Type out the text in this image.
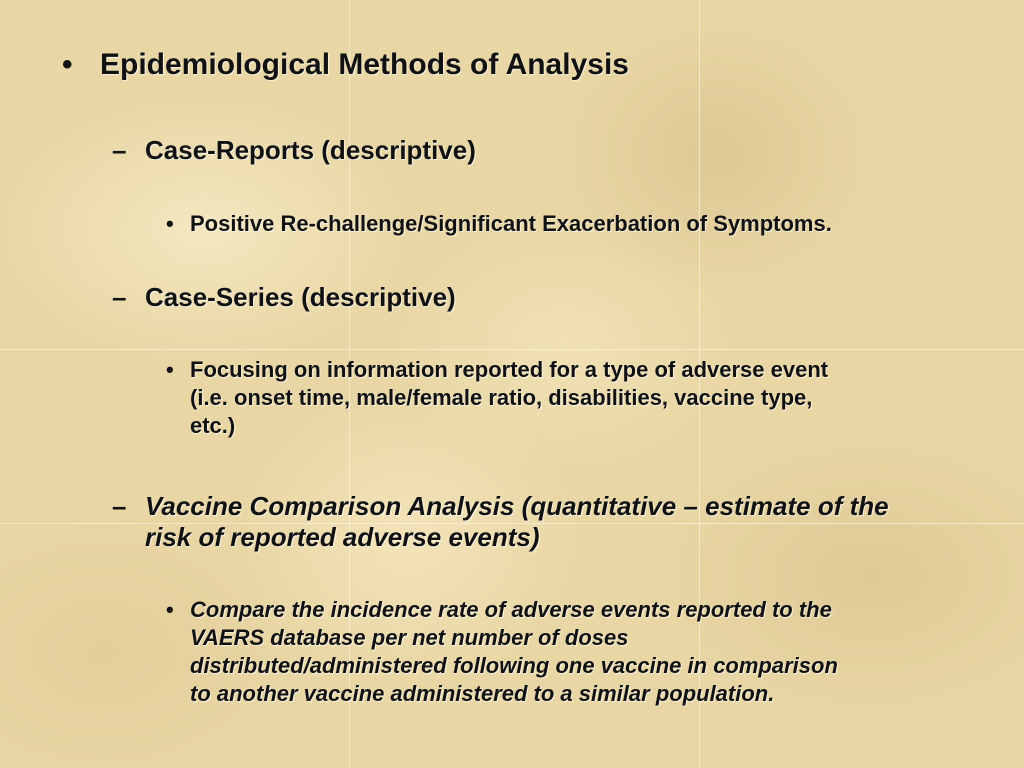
• Epidemiological Methods of Analysis
– Case-Reports (descriptive)
• Positive Re-challenge/Significant Exacerbation of Symptoms.
– Case-Series (descriptive)
• Focusing on information reported for a type of adverse event
(i.e. onset time, male/female ratio, disabilities, vaccine type,
etc.)
– Vaccine Comparison Analysis (quantitative – estimate of the
risk of reported adverse events)
• Compare the incidence rate of adverse events reported to the
VAERS database per net number of doses
distributed/administered following one vaccine in comparison
to another vaccine administered to a similar population.
